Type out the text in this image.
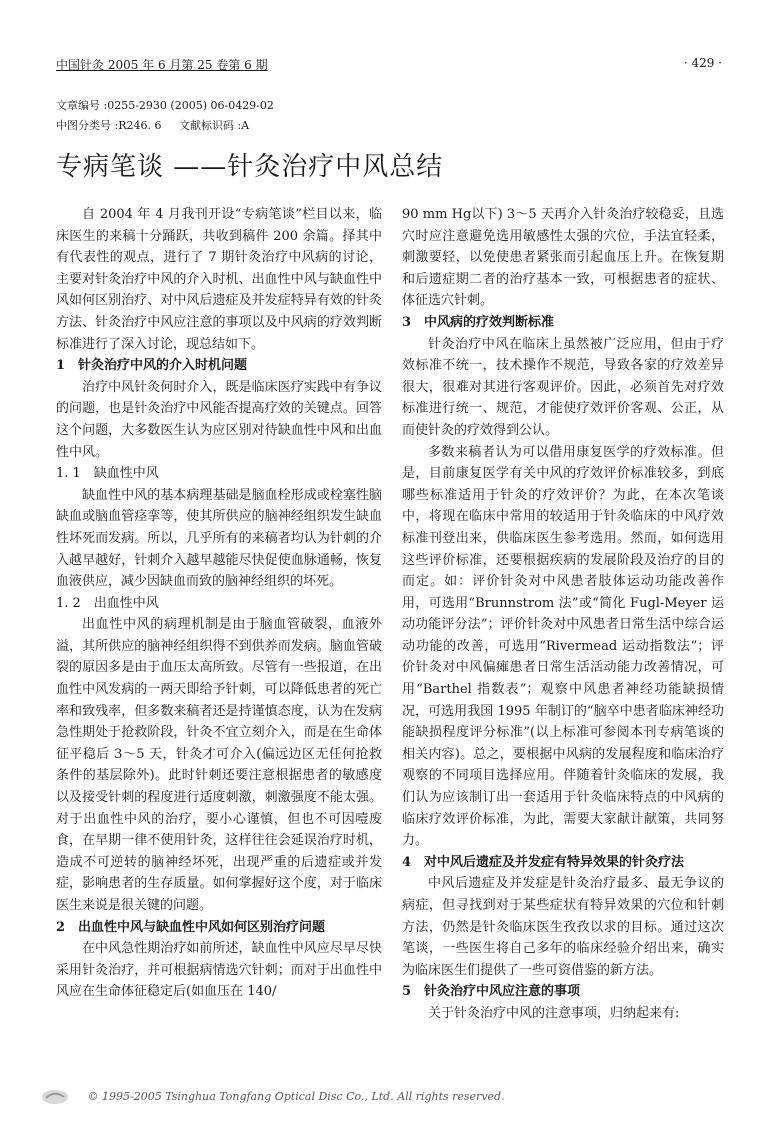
中国针灸 2005 年 6 月第 25 卷第 6 期	· 429 ·
文章编号 :0255-2930 (2005) 06-0429-02
中图分类号 :R246. 6 文献标识码 :A
专病笔谈 ——针灸治疗中风总结

自 2004 年 4 月我刊开设“专病笔谈”栏目以来，临床医生的来稿十分踊跃，共收到稿件 200 余篇。择其中有代表性的观点，进行了 7 期针灸治疗中风病的讨论，主要对针灸治疗中风的介入时机、出血性中风与缺血性中风如何区别治疗、对中风后遗症及并发症特异有效的针灸方法、针灸治疗中风应注意的事项以及中风病的疗效判断标准进行了深入讨论，现总结如下。

1　针灸治疗中风的介入时机问题

治疗中风针灸何时介入，既是临床医疗实践中有争议的问题，也是针灸治疗中风能否提高疗效的关键点。回答这个问题，大多数医生认为应区别对待缺血性中风和出血性中风。

1. 1　缺血性中风

缺血性中风的基本病理基础是脑血栓形成或栓塞性脑缺血或脑血管痉挛等，使其所供应的脑神经组织发生缺血性坏死而发病。所以，几乎所有的来稿者均认为针刺的介入越早越好，针刺介入越早越能尽快促使血脉通畅，恢复血液供应，减少因缺血而致的脑神经组织的坏死。

1. 2　出血性中风

出血性中风的病理机制是由于脑血管破裂，血液外溢，其所供应的脑神经组织得不到供养而发病。脑血管破裂的原因多是由于血压太高所致。尽管有一些报道，在出血性中风发病的一两天即给予针刺，可以降低患者的死亡率和致残率，但多数来稿者还是持谨慎态度，认为在发病急性期处于抢救阶段，针灸不宜立刻介入，而是在生命体征平稳后 3～5 天，针灸才可介入(偏远边区无任何抢救条件的基层除外)。此时针刺还要注意根据患者的敏感度以及接受针刺的程度进行适度刺激，刺激强度不能太强。对于出血性中风的治疗，要小心谨慎，但也不可因噎废食，在早期一律不使用针灸，这样往往会延误治疗时机，造成不可逆转的脑神经坏死，出现严重的后遗症或并发症，影响患者的生存质量。如何掌握好这个度，对于临床医生来说是很关键的问题。

2　出血性中风与缺血性中风如何区别治疗问题

在中风急性期治疗如前所述，缺血性中风应尽早尽快采用针灸治疗，并可根据病情选穴针刺；而对于出血性中风应在生命体征稳定后(如血压在 140/

90 mm Hg以下) 3～5 天再介入针灸治疗较稳妥，且选穴时应注意避免选用敏感性太强的穴位，手法宜轻柔，刺激要轻，以免使患者紧张而引起血压上升。在恢复期和后遗症期二者的治疗基本一致，可根据患者的症状、体征选穴针刺。

3　中风病的疗效判断标准

针灸治疗中风在临床上虽然被广泛应用，但由于疗效标准不统一，技术操作不规范，导致各家的疗效差异很大，很难对其进行客观评价。因此，必须首先对疗效标准进行统一、规范，才能使疗效评价客观、公正，从而使针灸的疗效得到公认。

多数来稿者认为可以借用康复医学的疗效标准。但是，目前康复医学有关中风的疗效评价标准较多，到底哪些标准适用于针灸的疗效评价？为此，在本次笔谈中，将现在临床中常用的较适用于针灸临床的中风疗效标准刊登出来，供临床医生参考选用。然而，如何选用这些评价标准，还要根据疾病的发展阶段及治疗的目的而定。如：评价针灸对中风患者肢体运动功能改善作用，可选用“Brunnstrom 法”或“简化 Fugl-Meyer 运动功能评分法”；评价针灸对中风患者日常生活中综合运动功能的改善，可选用“Rivermead 运动指数法”；评价针灸对中风偏瘫患者日常生活活动能力改善情况，可用“Barthel 指数表”；观察中风患者神经功能缺损情况，可选用我国 1995 年制订的“脑卒中患者临床神经功能缺损程度评分标准”(以上标准可参阅本刊专病笔谈的相关内容)。总之，要根据中风病的发展程度和临床治疗观察的不同项目选择应用。伴随着针灸临床的发展，我们认为应该制订出一套适用于针灸临床特点的中风病的临床疗效评价标准，为此，需要大家献计献策，共同努力。

4　对中风后遗症及并发症有特异效果的针灸疗法

中风后遗症及并发症是针灸治疗最多、最无争议的病症，但寻找到对于某些症状有特异效果的穴位和针刺方法，仍然是针灸临床医生孜孜以求的目标。通过这次笔谈，一些医生将自己多年的临床经验介绍出来，确实为临床医生们提供了一些可资借鉴的新方法。

5　针灸治疗中风应注意的事项

关于针灸治疗中风的注意事项，归纳起来有:

© 1995-2005 Tsinghua Tongfang Optical Disc Co., Ltd. All rights reserved.
